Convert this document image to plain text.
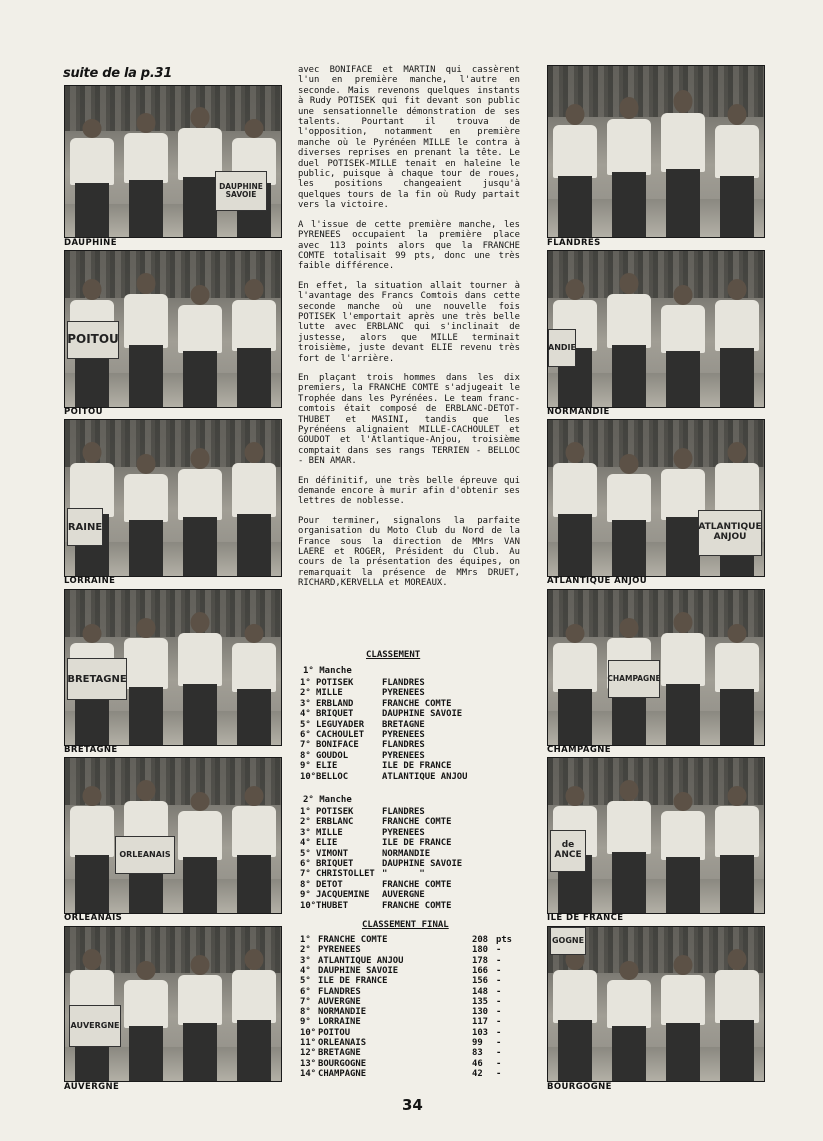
suite de la p.31
DAUPHINE SAVOIE
DAUPHINE
POITOU
POITOU
RAINE
LORRAINE
BRETAGNE
BRETAGNE
ORLEANAIS
ORLEANAIS
AUVERGNE
AUVERGNE
FLANDRES
ANDIE
NORMANDIE
ATLANTIQUE ANJOU
ATLANTIQUE ANJOU
CHAMPAGNE
CHAMPAGNE
de ANCE
ILE DE FRANCE
GOGNE
BOURGOGNE

avec BONIFACE et MARTIN qui cassèrent l'un en première manche, l'autre en seconde. Mais revenons quelques instants à Rudy POTISEK qui fit devant son public une sensationnelle démonstration de ses talents. Pourtant il trouva de l'opposition, notamment en première manche où le Pyrénéen MILLE le contra à diverses reprises en prenant la tête. Le duel POTISEK-MILLE tenait en haleine le public, puisque à chaque tour de roues, les positions changeaient jusqu'à quelques tours de la fin où Rudy partait vers la victoire.

A l'issue de cette première manche, les PYRENEES occupaient la première place avec 113 points alors que la FRANCHE COMTE totalisait 99 pts, donc une très faible différence.

En effet, la situation allait tourner à l'avantage des Francs Comtois dans cette seconde manche où une nouvelle fois POTISEK l'emportait après une très belle lutte avec ERBLANC qui s'inclinait de justesse, alors que MILLE terminait troisième, juste devant ELIE revenu très fort de l'arrière.

En plaçant trois hommes dans les dix premiers, la FRANCHE COMTE s'adjugeait le Trophée dans les Pyrénées. Le team franc-comtois était composé de ERBLANC-DETOT-THUBET et MASINI, tandis que les Pyrénéens alignaient MILLE-CACHOULET et GOUDOT et l'Atlantique-Anjou, troisième comptait dans ses rangs TERRIEN - BELLOC - BEN AMAR.

En définitif, une très belle épreuve qui demande encore à murir afin d'obtenir ses lettres de noblesse.

Pour terminer, signalons la parfaite organisation du Moto Club du Nord de la France sous la direction de MMrs VAN LAERE et ROGER, Président du Club. Au cours de la présentation des équipes, on remarquait la présence de MMrs DRUET, RICHARD,KERVELLA et MOREAUX.

CLASSEMENT
1° Manche
1° POTISEK	FLANDRES
2° MILLE	PYRENEES
3° ERBLAND	FRANCHE COMTE
4° BRIQUET	DAUPHINE SAVOIE
5° LEGUYADER BRETAGNE
6° CACHOULET PYRENEES
7° BONIFACE	FLANDRES
8° GOUDOL	PYRENEES
9° ELIE	ILE DE FRANCE
10° BELLOC	ATLANTIQUE ANJOU
2° Manche
1° POTISEK	FLANDRES
2° ERBLANC	FRANCHE COMTE
3° MILLE	PYRENEES
4° ELIE	ILE DE FRANCE
5° VIMONT	NORMANDIE
6° BRIQUET	DAUPHINE SAVOIE
7° CHRISTOLLET "      "
8° DETOT	FRANCHE COMTE
9° JACQUEMINE AUVERGNE
10° THUBET	FRANCHE COMTE
CLASSEMENT FINAL
1° FRANCHE COMTE	208 pts
2° PYRENEES	180 -
3° ATLANTIQUE ANJOU	178 -
4° DAUPHINE SAVOIE	166 -
5° ILE DE FRANCE	156 -
6° FLANDRES	148 -
7° AUVERGNE	135 -
8° NORMANDIE	130 -
9° LORRAINE	117 -
10° POITOU	103 -
11° ORLEANAIS	99 -
12° BRETAGNE	83 -
13° BOURGOGNE	46 -
14° CHAMPAGNE	42 -
34
